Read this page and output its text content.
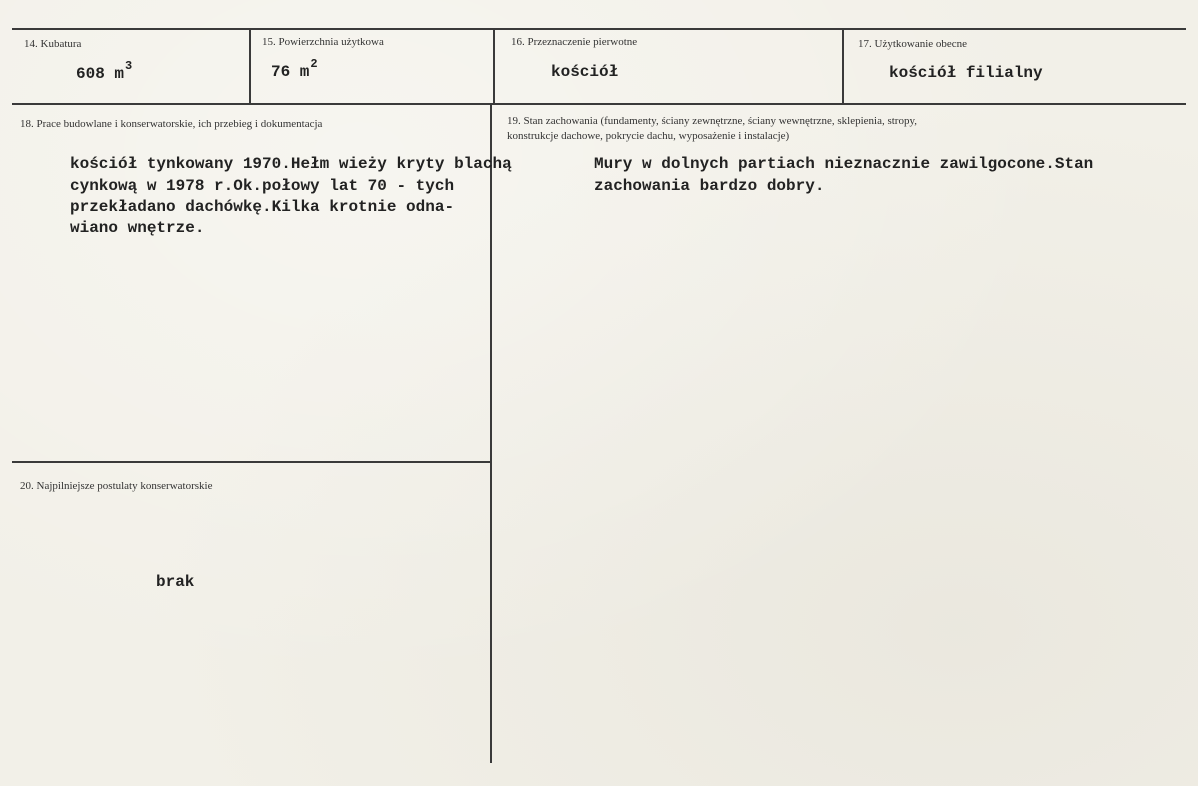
14. Kubatura
608 $m^3$
15. Powierzchnia użytkowa
76 $m^2$
16. Przeznaczenie pierwotne
kościół
17. Użytkowanie obecne
kościół filialny
18. Prace budowlane i konserwatorskie, ich przebieg i dokumentacja
kościół tynkowany 1970.Hełm wieży kryty blachą
cynkową w 1978 r.Ok.połowy lat 70 - tych
przekładano dachówkę.Kilka krotnie odna-
wiano wnętrze.
19. Stan zachowania (fundamenty, ściany zewnętrzne, ściany wewnętrzne, sklepienia, stropy,
konstrukcje dachowe, pokrycie dachu, wyposażenie i instalacje)
Mury w dolnych partiach nieznacznie zawilgocone.Stan
zachowania bardzo dobry.
20. Najpilniejsze postulaty konserwatorskie
brak
